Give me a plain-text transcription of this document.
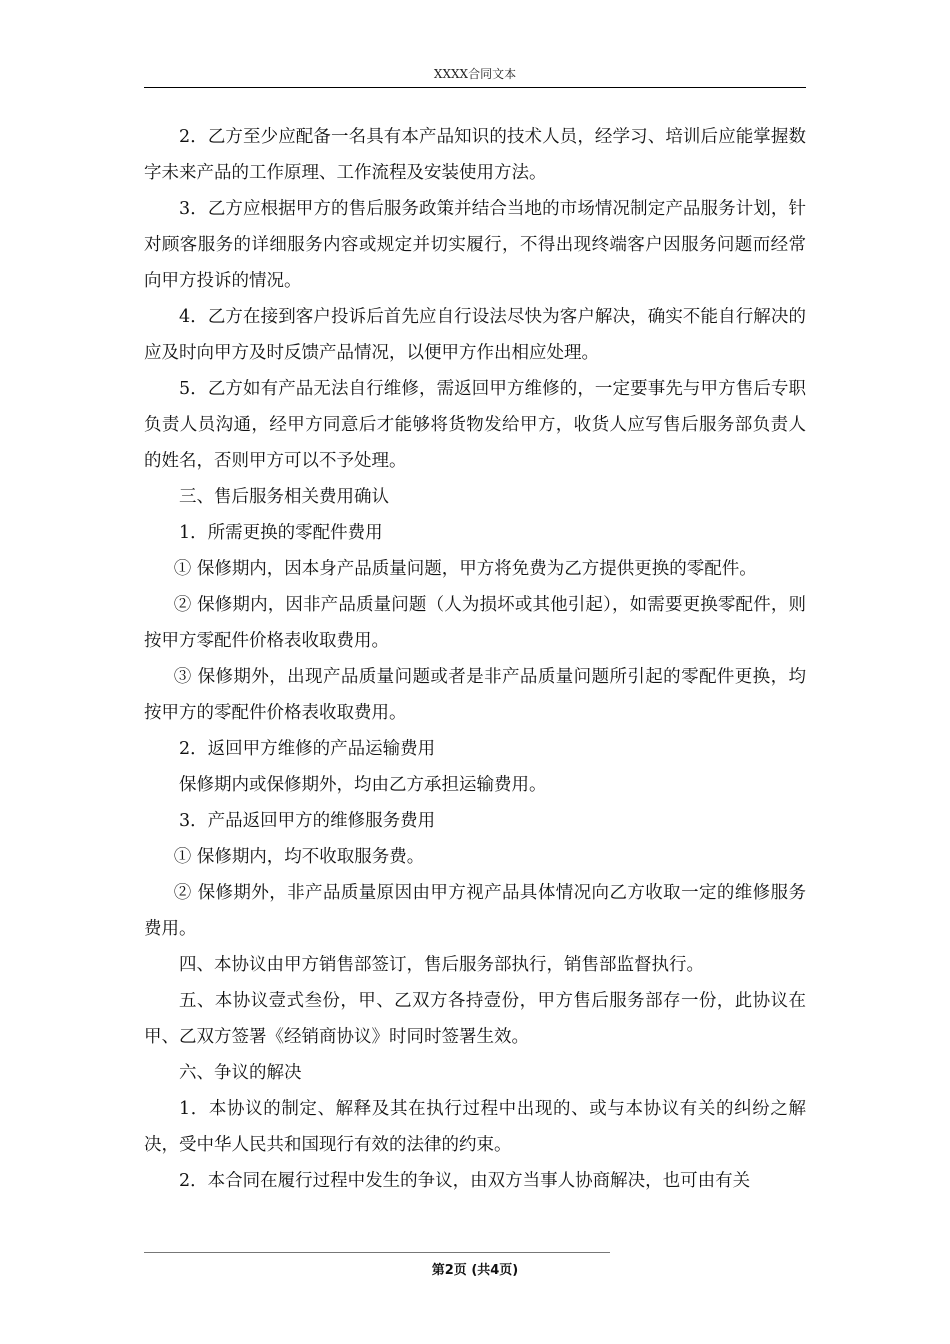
XXXX合同文本

2．乙方至少应配备一名具有本产品知识的技术人员，经学习、培训后应能掌握数字未来产品的工作原理、工作流程及安装使用方法。

3．乙方应根据甲方的售后服务政策并结合当地的市场情况制定产品服务计划，针对顾客服务的详细服务内容或规定并切实履行，不得出现终端客户因服务问题而经常向甲方投诉的情况。

4．乙方在接到客户投诉后首先应自行设法尽快为客户解决，确实不能自行解决的应及时向甲方及时反馈产品情况，以便甲方作出相应处理。

5．乙方如有产品无法自行维修，需返回甲方维修的，一定要事先与甲方售后专职负责人员沟通，经甲方同意后才能够将货物发给甲方，收货人应写售后服务部负责人的姓名，否则甲方可以不予处理。

三、售后服务相关费用确认

1．所需更换的零配件费用

① 保修期内，因本身产品质量问题，甲方将免费为乙方提供更换的零配件。

② 保修期内，因非产品质量问题（人为损坏或其他引起），如需要更换零配件，则按甲方零配件价格表收取费用。

③ 保修期外，出现产品质量问题或者是非产品质量问题所引起的零配件更换，均按甲方的零配件价格表收取费用。

2．返回甲方维修的产品运输费用

保修期内或保修期外，均由乙方承担运输费用。

3．产品返回甲方的维修服务费用

① 保修期内，均不收取服务费。

② 保修期外，非产品质量原因由甲方视产品具体情况向乙方收取一定的维修服务费用。

四、本协议由甲方销售部签订，售后服务部执行，销售部监督执行。

五、本协议壹式叁份，甲、乙双方各持壹份，甲方售后服务部存一份，此协议在甲、乙双方签署《经销商协议》时同时签署生效。

六、争议的解决

1．本协议的制定、解释及其在执行过程中出现的、或与本协议有关的纠纷之解决，受中华人民共和国现行有效的法律的约束。

2．本合同在履行过程中发生的争议，由双方当事人协商解决，也可由有关

第2页 (共4页)
